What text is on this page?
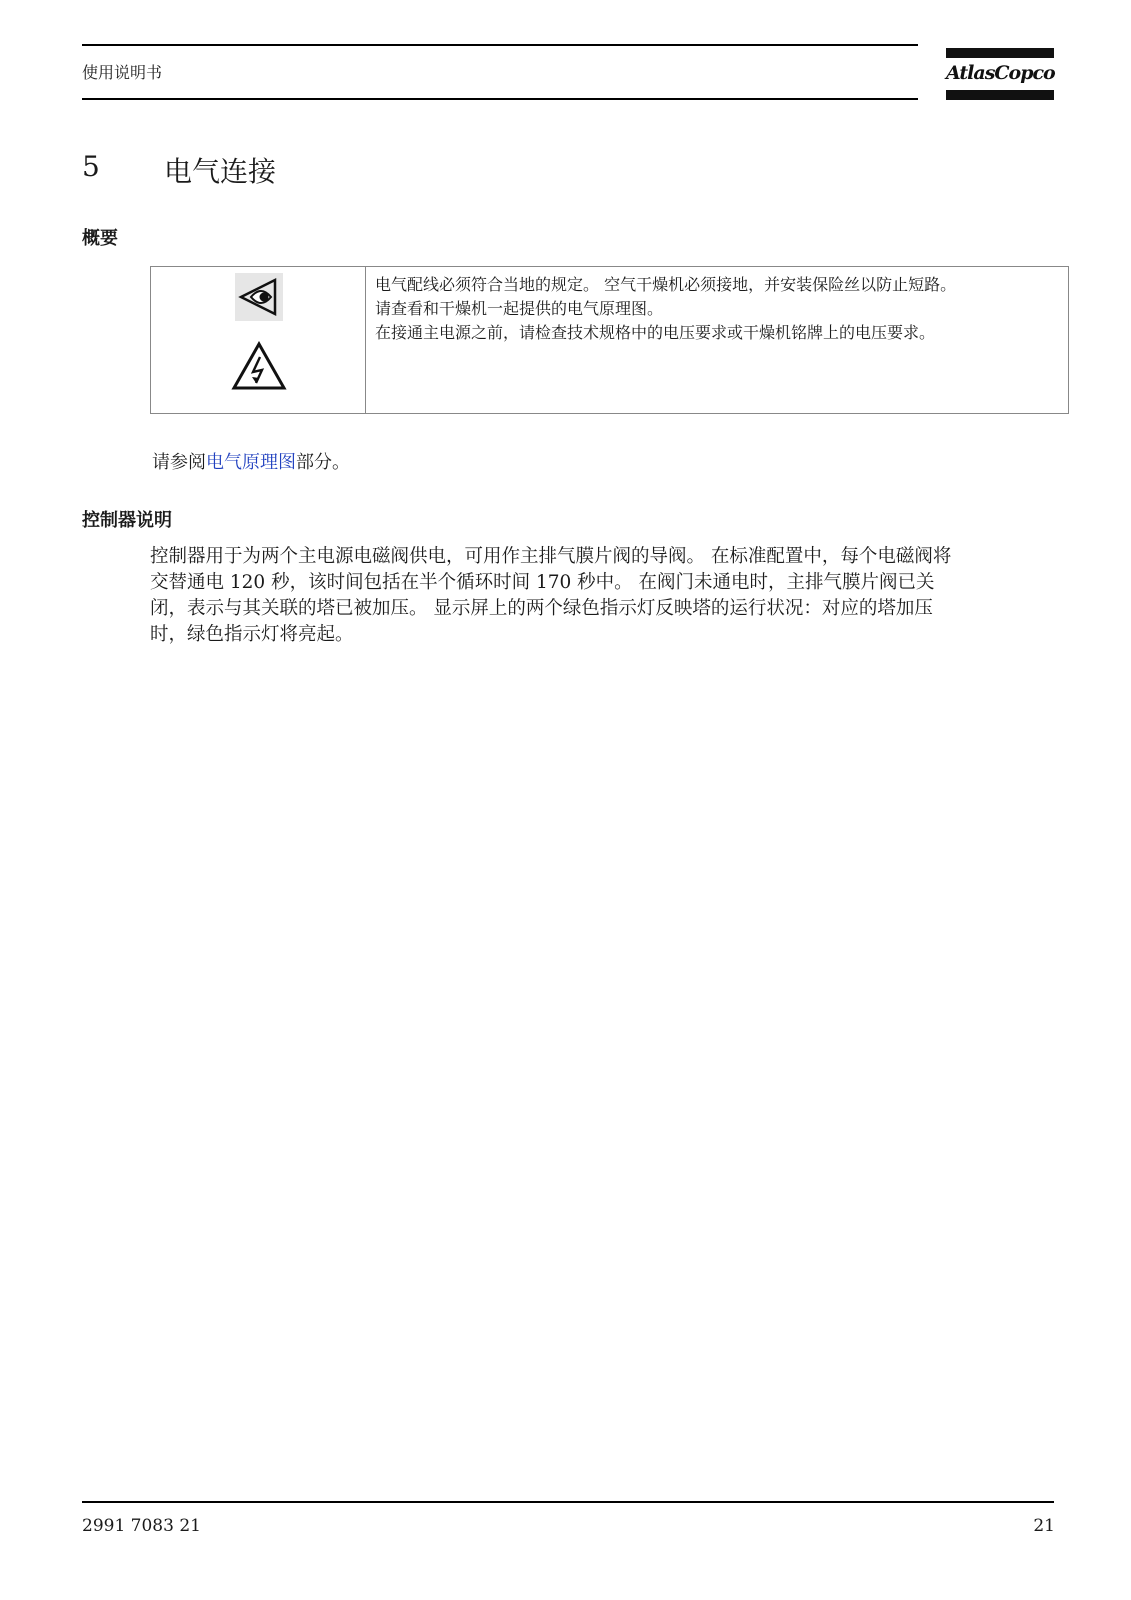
使用说明书	AtlasCopco
5 电气连接
概要
电气配线必须符合当地的规定。 空气干燥机必须接地，并安装保险丝以防止短路。
请查看和干燥机一起提供的电气原理图。
在接通主电源之前，请检查技术规格中的电压要求或干燥机铭牌上的电压要求。
请参阅电气原理图部分。
控制器说明
控制器用于为两个主电源电磁阀供电，可用作主排气膜片阀的导阀。 在标准配置中，每个电磁阀将
交替通电 120 秒，该时间包括在半个循环时间 170 秒中。 在阀门未通电时，主排气膜片阀已关
闭，表示与其关联的塔已被加压。 显示屏上的两个绿色指示灯反映塔的运行状况：对应的塔加压
时，绿色指示灯将亮起。
2991 7083 21	21
